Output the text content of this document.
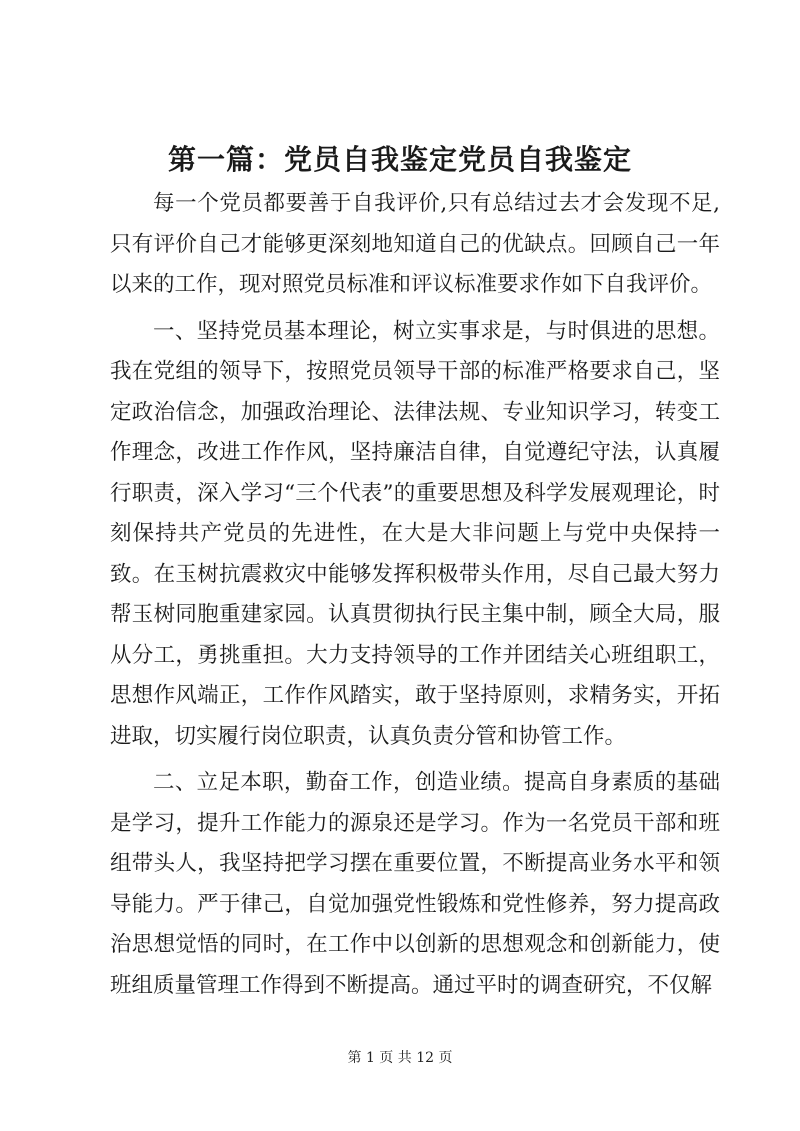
第一篇：党员自我鉴定党员自我鉴定

每一个党员都要善于自我评价,只有总结过去才会发现不足,只有评价自己才能够更深刻地知道自己的优缺点。回顾自己一年以来的工作，现对照党员标准和评议标准要求作如下自我评价。

一、坚持党员基本理论，树立实事求是，与时俱进的思想。我在党组的领导下，按照党员领导干部的标准严格要求自己，坚定政治信念，加强政治理论、法律法规、专业知识学习，转变工作理念，改进工作作风，坚持廉洁自律，自觉遵纪守法，认真履行职责，深入学习“三个代表”的重要思想及科学发展观理论，时刻保持共产党员的先进性，在大是大非问题上与党中央保持一致。在玉树抗震救灾中能够发挥积极带头作用，尽自己最大努力帮玉树同胞重建家园。认真贯彻执行民主集中制，顾全大局，服从分工，勇挑重担。大力支持领导的工作并团结关心班组职工，思想作风端正，工作作风踏实，敢于坚持原则，求精务实，开拓进取，切实履行岗位职责，认真负责分管和协管工作。

二、立足本职，勤奋工作，创造业绩。提高自身素质的基础是学习，提升工作能力的源泉还是学习。作为一名党员干部和班组带头人，我坚持把学习摆在重要位置，不断提高业务水平和领导能力。严于律己，自觉加强党性锻炼和党性修养，努力提高政治思想觉悟的同时，在工作中以创新的思想观念和创新能力，使班组质量管理工作得到不断提高。通过平时的调查研究，不仅解

第 1 页 共 12 页
